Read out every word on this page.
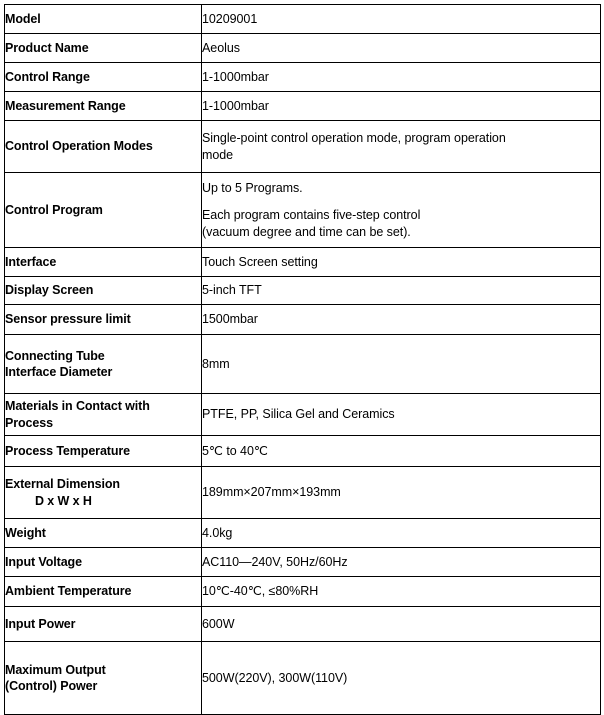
Model	10209001

Product Name	Aeolus

Control Range	1-1000mbar

Measurement Range	1-1000mbar

Control Operation Modes	Single-point control operation mode, program operation
mode

Control Program	Up to 5 Programs.
Each program contains five-step control
(vacuum degree and time can be set).

Interface	Touch Screen setting

Display Screen	5-inch TFT

Sensor pressure limit	1500mbar

Connecting Tube
Interface Diameter	8mm

Materials in Contact with
Process	PTFE, PP, Silica Gel and Ceramics

Process Temperature	5℃ to 40℃

External Dimension
D x W x H	189mm×207mm×193mm

Weight	4.0kg

Input Voltage	AC110—240V, 50Hz/60Hz

Ambient Temperature	10℃-40℃, ≤80%RH

Input Power	600W

Maximum Output
(Control) Power	500W(220V), 300W(110V)
